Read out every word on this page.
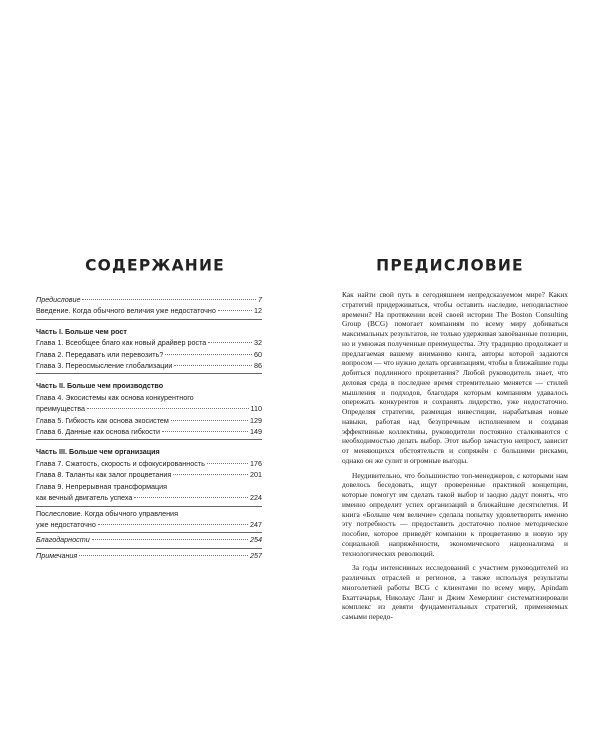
СОДЕРЖАНИЕ
Предисловие	7
Введение. Когда обычного величия уже недостаточно	12
Часть I. Больше чем рост
Глава 1. Всеобщее благо как новый драйвер роста	32
Глава 2. Передавать или перевозить?	60
Глава 3. Переосмысление глобализации	86
Часть II. Больше чем производство
Глава 4. Экосистемы как основа конкурентного
преимущества	110
Глава 5. Гибкость как основа экосистем	129
Глава 6. Данные как основа гибкости	149
Часть III. Больше чем организация
Глава 7. Сжатость, скорость и сфокусированность	176
Глава 8. Таланты как залог процветания	201
Глава 9. Непрерывная трансформация
как вечный двигатель успеха	224
Послесловие. Когда обычного управления
уже недостаточно	247
Благодарности	254
Примечания	257
ПРЕДИСЛОВИЕ

Как найти свой путь в сегодняшнем непредсказуемом мире? Каких стратегий придерживаться, чтобы оставить наследие, неподвластное времени? На протяжении всей своей истории The Boston Consulting Group (BCG) помогает компаниям по всему миру добиваться максимальных результатов, не только удерживая завоёванные позиции, но и умножая полученные преимущества. Эту традицию продолжает и предлагаемая вашему вниманию книга, авторы которой задаются вопросом — что нужно делать организациям, чтобы в ближайшие годы добиться подлинного процветания? Любой руководитель знает, что деловая среда в последнее время стремительно меняется — стилей мышления и подходов, благодаря которым компаниям удавалось опережать конкурентов и сохранять лидерство, уже недостаточно. Определяя стратегии, размещая инвестиции, нарабатывая новые навыки, работая над безупречным исполнением и создавая эффективные коллективы, руководители постоянно сталкиваются с необходимостью делать выбор. Этот выбор зачастую непрост, зависит от меняющихся обстоятельств и сопряжён с большими рисками, однако он же сулит и огромные выгоды.

Неудивительно, что большинство топ-менеджеров, с которыми нам довелось беседовать, ищут проверенные практикой концепции, которые помогут им сделать такой выбор и заодно дадут понять, что именно определит успех организаций в ближайшие десятилетия. И книга «Больше чем величие» сделала попытку удовлетворить именно эту потребность — предоставить достаточно полное методическое пособие, которое приведёт компании к процветанию в новую эру социальной напряжённости, экономического национализма и технологических революций.

За годы интенсивных исследований с участием руководителей из различных отраслей и регионов, а также используя результаты многолетней работы BCG с клиентами по всему миру, Арindam Бхаттачарья, Николаус Ланг и Джим Хемерлинг систематизировали комплекс из девяти фундаментальных стратегий, применяемых самыми передо-
